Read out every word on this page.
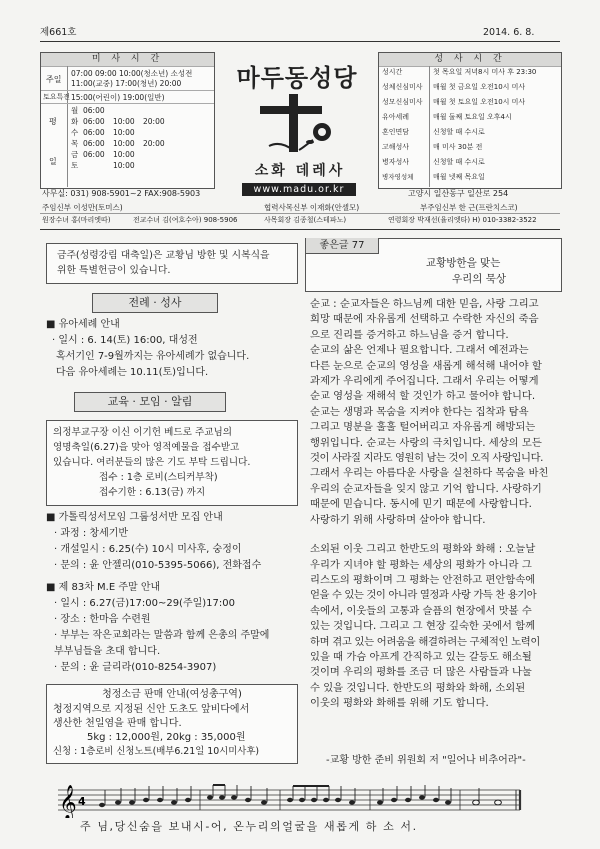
제661호	2014. 6. 8.
미 사 시 간
주일
07:00 09:00 10:00(청소년) 소성전
11:00(교중) 17:00(청년) 20:00
토요특전 15:00(어린이) 19:00(일반)
평
일
월 06:00
화 06:00 10:00 20:00
수 06:00 10:00
목 06:00 10:00 20:00
금 06:00 10:00
토	10:00
마두동성당
소화 데레사
www.madu.or.kr
성 사 시 간
성시간	첫 목요일 저녁8시 미사 후 23:30
성체신심미사 매월 첫 금요일 오전10시 미사
성모신심미사 매월 첫 토요일 오전10시 미사
유아세례	매월 둘째 토요일 오후4시
혼인면담	신청할 때 수시로
고해성사	매 미사 30분 전
병자성사	신청할 때 수시로
병자영성체	매월 넷째 목요일
사무실: 031) 908-5901~2 FAX:908-5903	고양시 일산동구 일산로 254
주임신부 이성만(토미스)	협력사목신부 이재화(안셀모)	부주임신부 한 근(프란치스코)
원장수녀 홍(마리엣따)	전교수녀 김(여호수아) 908-5906	사목회장 김종철(스테파노)	연령회장 박재선(율리엣타) H) 010-3382-3522
금주(성령강림 대축일)은 교황님 방한 및 시복식을
위한 특별헌금이 있습니다.
전례 · 성사
■ 유아세례 안내
· 일시 : 6. 14(토) 16:00, 대성전
혹서기인 7-9월까지는 유아세례가 없습니다.
다음 유아세례는 10.11(토)입니다.
교육 · 모임 · 알림
의정부교구장 이신 이기헌 베드로 주교님의
영명축일(6.27)을 맞아 영적예물을 접수받고
있습니다. 여러분들의 많은 기도 부탁 드립니다.
접수 : 1층 로비(스티커부착)
접수기한 : 6.13(금) 까지
■ 가톨릭성서모임 그룹성서반 모집 안내
· 과정 : 창세기반
· 개설일시 : 6.25(수) 10시 미사후, 숭정이
· 문의 : 윤 안젤리(010-5395-5066), 전화접수
■ 제 83차 M.E 주말 안내
· 일시 : 6.27(금)17:00~29(주일)17:00
· 장소 : 한마음 수련원
· 부부는 작은교회라는 말씀과 함께 은총의 주말에
부부님들을 초대 합니다.
· 문의 : 윤 글리라(010-8254-3907)
청정소금 판매 안내(여성총구역)
청정지역으로 지정된 신안 도초도 앞비다에서
생산한 천일염을 판매 합니다.
5kg : 12,000원, 20kg : 35,000원
신청 : 1층로비 신청노트(배부6.21일 10시미사후)
좋은글 77
교황방한을 맞는
우리의 묵상
순교 : 순교자들은 하느님께 대한 믿음, 사랑 그리고
희망 때문에 자유롭게 선택하고 수락한 자신의 죽음
으로 진리를 증거하고 하느님을 증거 합니다.
순교의 삶은 언제나 필요합니다. 그래서 예전과는
다른 눈으로 순교의 영성을 새롭게 해석해 내어야 할
과제가 우리에게 주어집니다. 그래서 우리는 어떻게
순교 영성을 재해석 할 것인가 하고 물어야 합니다.
순교는 생명과 목숨을 지켜야 한다는 집착과 탐욕
그리고 명분을 훌훌 털어버리고 자유롭게 해방되는
행위입니다. 순교는 사랑의 극치입니다. 세상의 모든
것이 사라질 지라도 영원히 남는 것이 오직 사랑입니다.
그래서 우리는 아름다운 사랑을 실천하다 목숨을 바친
우리의 순교자들을 잊지 않고 기억 합니다. 사랑하기
때문에 믿습니다. 동시에 믿기 때문에 사랑합니다.
사랑하기 위해 사랑하며 살아야 합니다.
소외된 이웃 그리고 한반도의 평화와 화해 : 오늘날
우리가 지녀야 할 평화는 세상의 평화가 아니라 그
리스도의 평화이며 그 평화는 안전하고 편안함속에
얻을 수 있는 것이 아니라 열정과 사랑 가득 찬 용기아
속에서, 이웃들의 고통과 슬픔의 현장에서 맛볼 수
있는 것입니다. 그리고 그 현장 깊숙한 곳에서 함께
하며 겪고 있는 어려움을 해결하려는 구체적인 노력이
있을 때 가슴 아프게 간직하고 있는 갈등도 해소될
것이며 우리의 평화를 조금 더 많은 사람들과 나눌
수 있을 것입니다. 한반도의 평화와 화해, 소외된
이웃의 평화와 화해를 위해 기도 합니다.
-교황 방한 준비 위원회 저 "일어나 비추어라"-
𝄞 4
주 님,당신숨을 보내시-어, 온누리의얼굴을 새롭게 하 소 서.
